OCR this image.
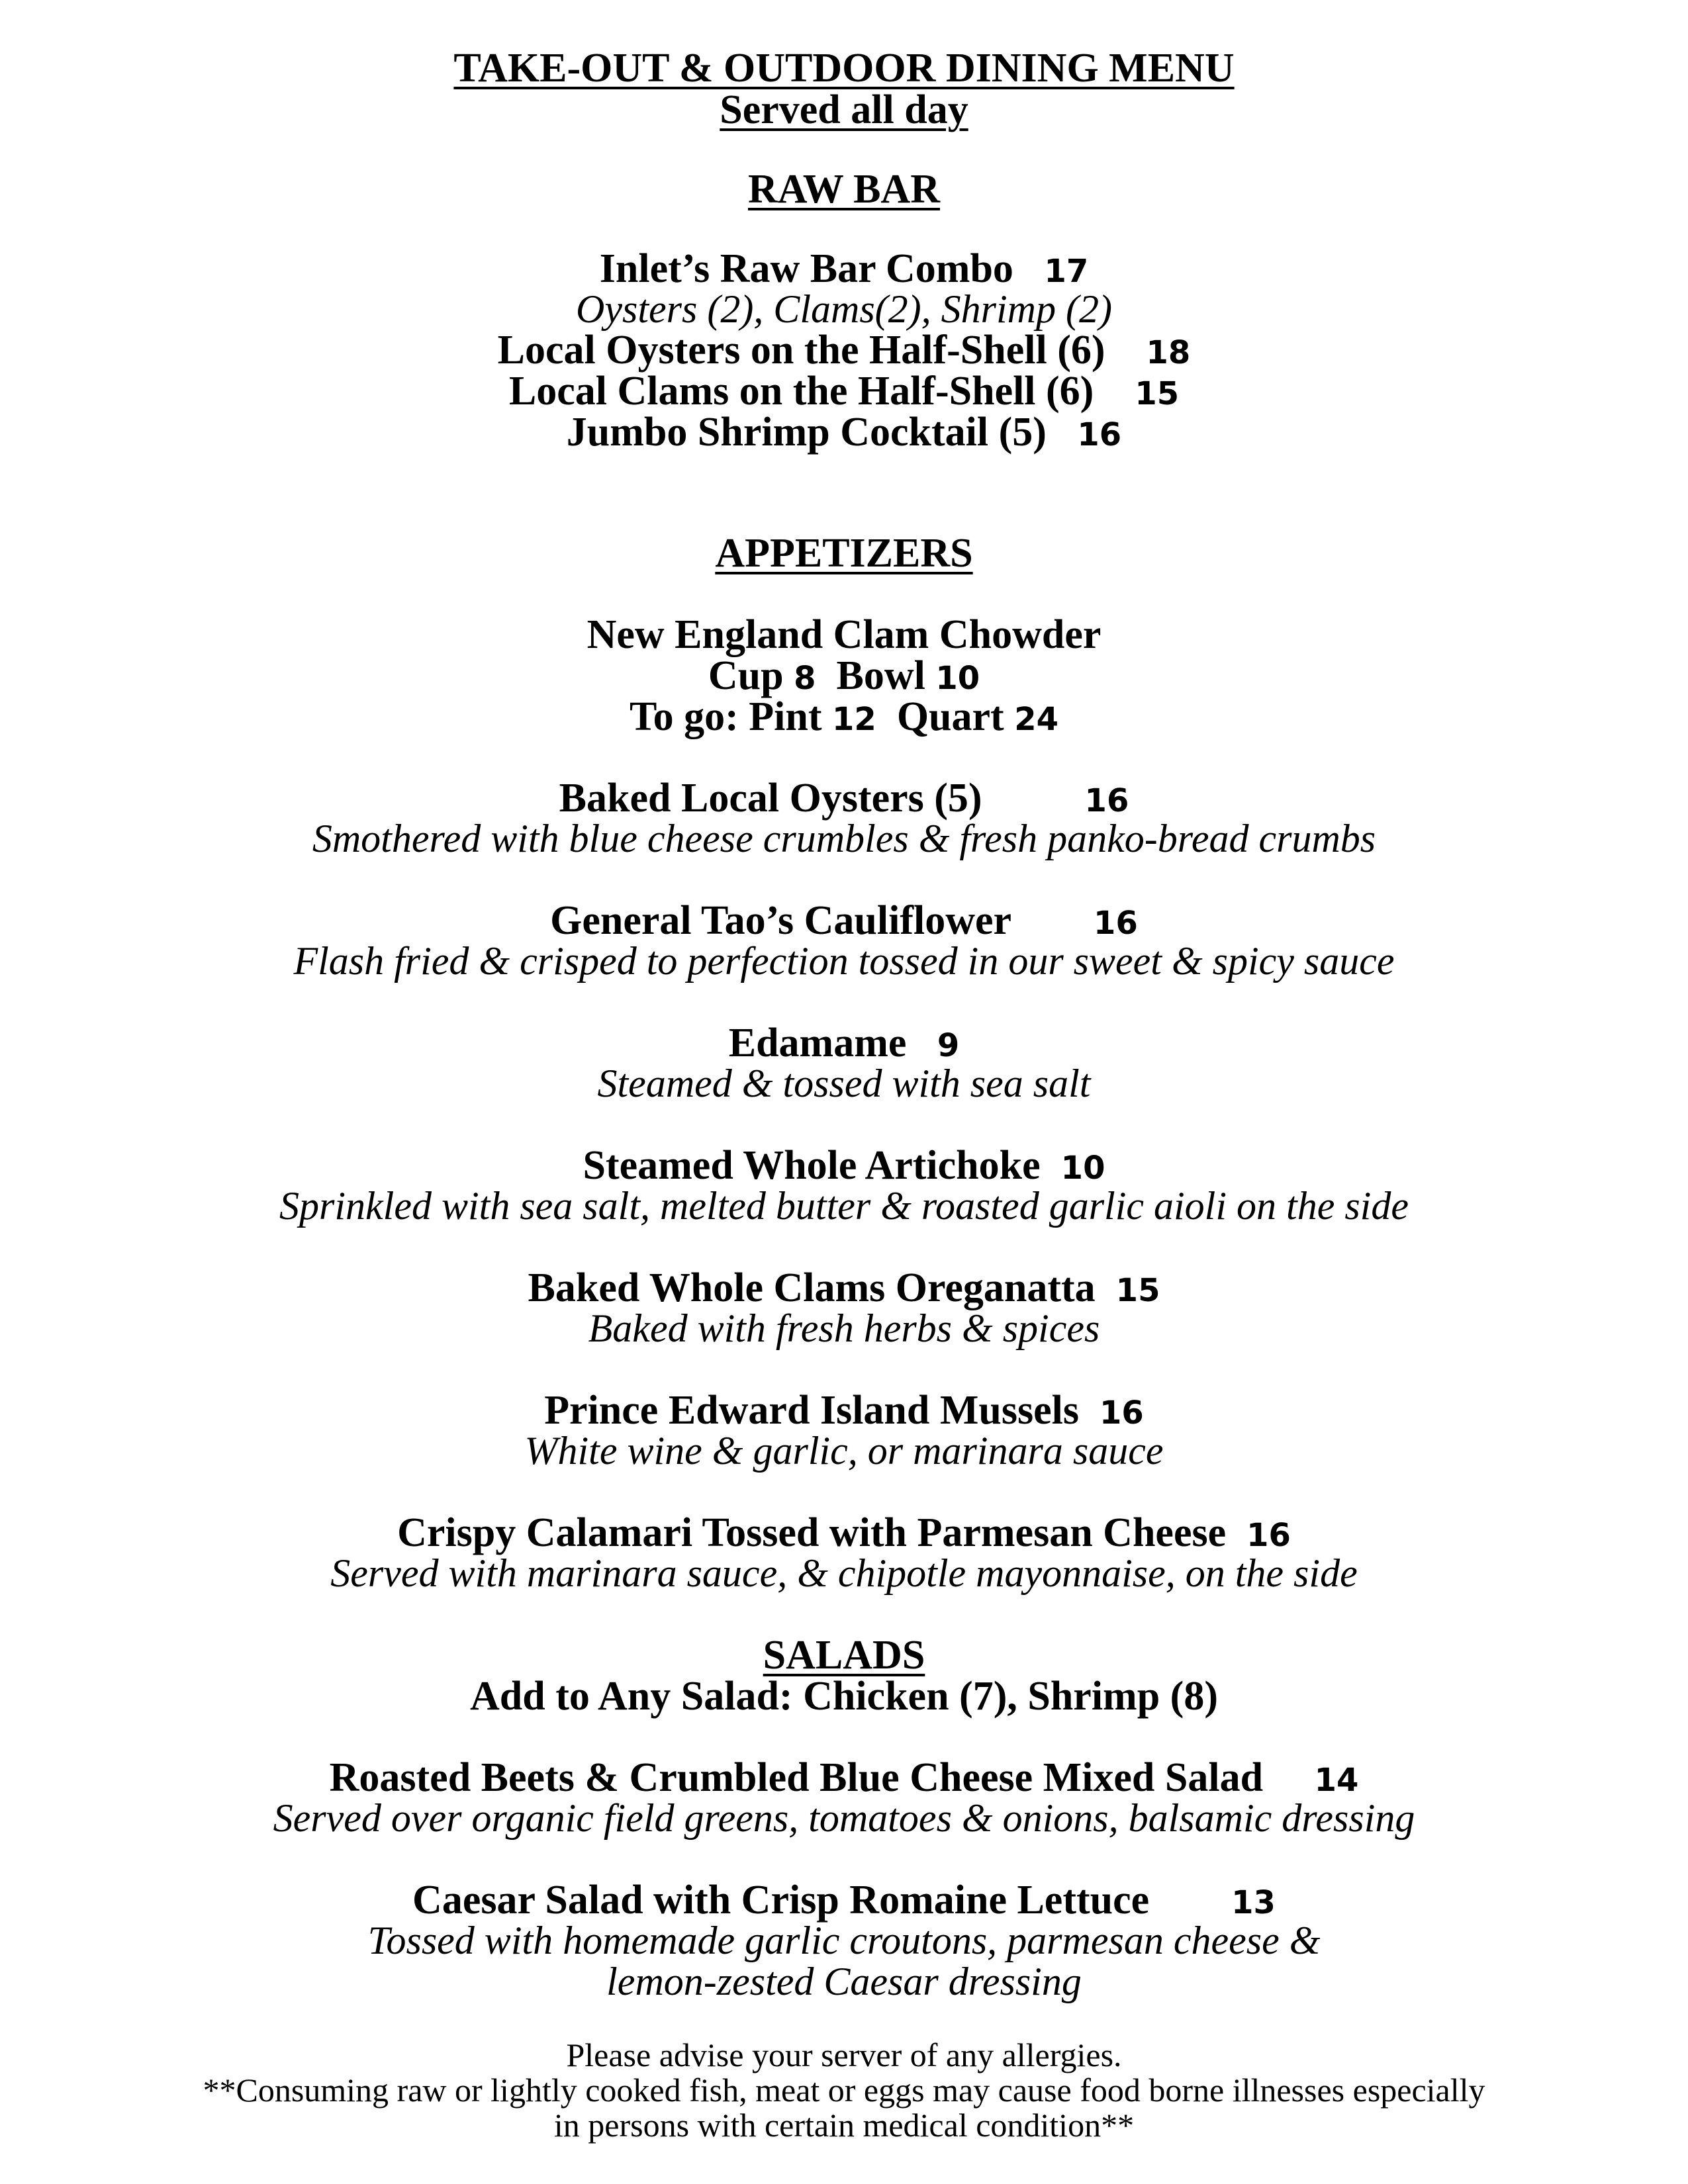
TAKE-OUT & OUTDOOR DINING MENU
Served all day
RAW BAR
Inlet’s Raw Bar Combo 17
Oysters (2), Clams(2), Shrimp (2)
Local Oysters on the Half-Shell (6) 18
Local Clams on the Half-Shell (6) 15
Jumbo Shrimp Cocktail (5) 16
APPETIZERS
New England Clam Chowder
Cup 8 Bowl 10
To go: Pint 12 Quart 24
Baked Local Oysters (5)	16
Smothered with blue cheese crumbles & fresh panko-bread crumbs
General Tao’s Cauliflower	16
Flash fried & crisped to perfection tossed in our sweet & spicy sauce
Edamame 9
Steamed & tossed with sea salt
Steamed Whole Artichoke 10
Sprinkled with sea salt, melted butter & roasted garlic aioli on the side
Baked Whole Clams Oreganatta 15
Baked with fresh herbs & spices
Prince Edward Island Mussels 16
White wine & garlic, or marinara sauce
Crispy Calamari Tossed with Parmesan Cheese 16
Served with marinara sauce, & chipotle mayonnaise, on the side
SALADS
Add to Any Salad: Chicken (7), Shrimp (8)
Roasted Beets & Crumbled Blue Cheese Mixed Salad 14
Served over organic field greens, tomatoes & onions, balsamic dressing
Caesar Salad with Crisp Romaine Lettuce	13
Tossed with homemade garlic croutons, parmesan cheese &
lemon-zested Caesar dressing
Please advise your server of any allergies.
**Consuming raw or lightly cooked fish, meat or eggs may cause food borne illnesses especially
in persons with certain medical condition**
